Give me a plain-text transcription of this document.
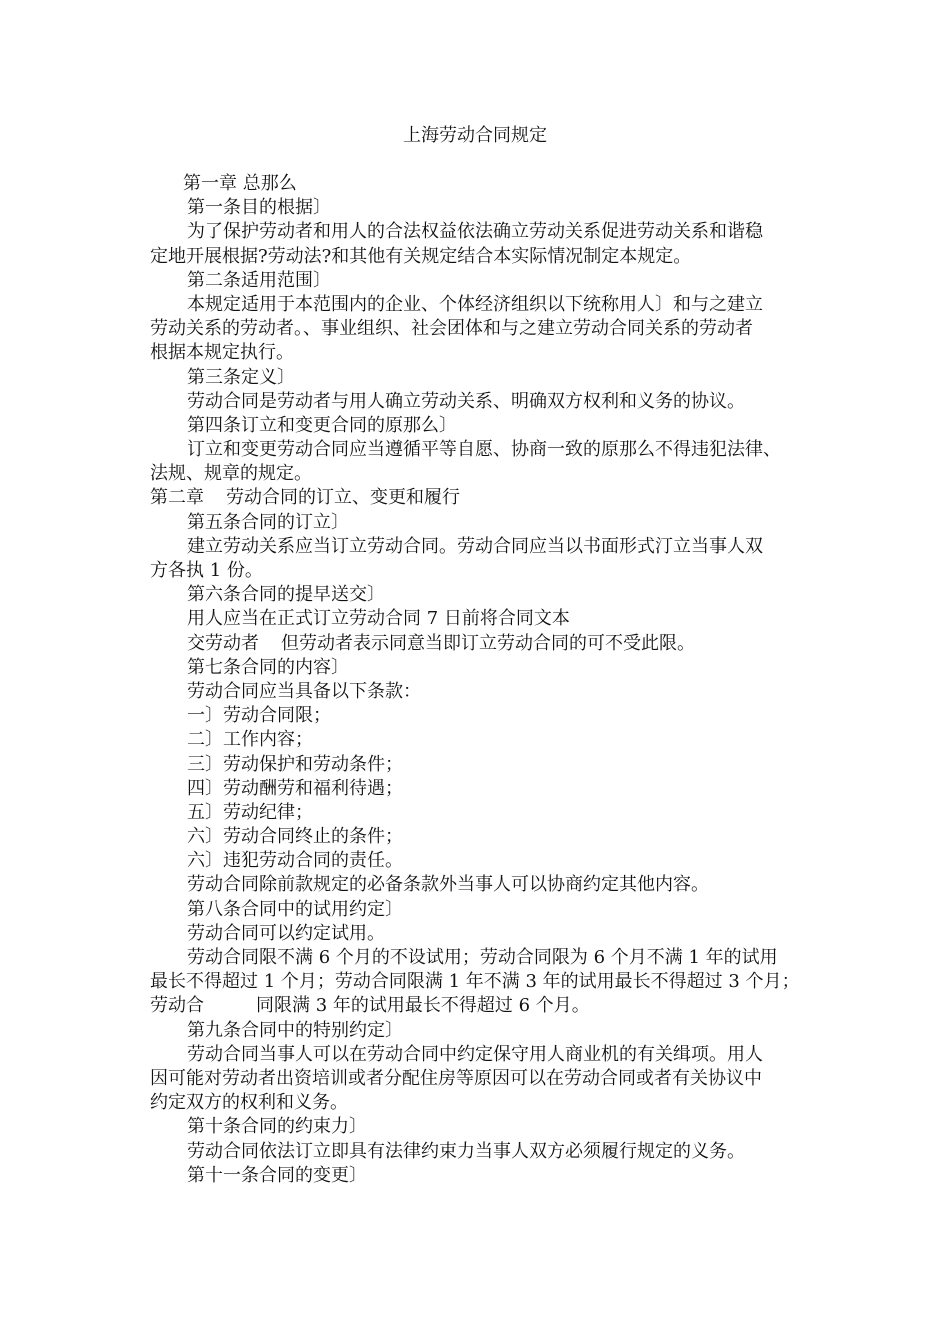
上海劳动合同规定
第一章 总那么
第一条目的根据〕
为了保护劳动者和用人的合法权益依法确立劳动关系促进劳动关系和谐稳
定地开展根据?劳动法?和其他有关规定结合本实际情况制定本规定。
第二条适用范围〕
本规定适用于本范围内的企业、个体经济组织以下统称用人〕和与之建立
劳动关系的劳动者。、事业组织、社会团体和与之建立劳动合同关系的劳动者
根据本规定执行。
第三条定义〕
劳动合同是劳动者与用人确立劳动关系、明确双方权利和义务的协议。
第四条订立和变更合同的原那么〕
订立和变更劳动合同应当遵循平等自愿、协商一致的原那么不得违犯法律、
法规、规章的规定。
第二章 劳动合同的订立、变更和履行
第五条合同的订立〕
建立劳动关系应当订立劳动合同。劳动合同应当以书面形式汀立当事人双
方各执 1 份。
第六条合同的提早送交〕
用人应当在正式订立劳动合同 7 日前将合同文本
交劳动者 但劳动者表示同意当即订立劳动合同的可不受此限。
第七条合同的内容〕
劳动合同应当具备以下条款：
一〕劳动合同限；
二〕工作内容；
三〕劳动保护和劳动条件；
四〕劳动酬劳和福利待遇；
五〕劳动纪律；
六〕劳动合同终止的条件；
六〕违犯劳动合同的责任。
劳动合同除前款规定的必备条款外当事人可以协商约定其他内容。
第八条合同中的试用约定〕
劳动合同可以约定试用。
劳动合同限不满 6 个月的不设试用；劳动合同限为 6 个月不满 1 年的试用
最长不得超过 1 个月；劳动合同限满 1 年不满 3 年的试用最长不得超过 3 个月；
劳动合	同限满 3 年的试用最长不得超过 6 个月。
第九条合同中的特别约定〕
劳动合同当事人可以在劳动合同中约定保守用人商业机的有关缉项。用人
因可能对劳动者出资培训或者分配住房等原因可以在劳动合同或者有关协议中
约定双方的权利和义务。
第十条合同的约束力〕
劳动合同依法订立即具有法律约束力当事人双方必须履行规定的义务。
第十一条合同的变更〕
